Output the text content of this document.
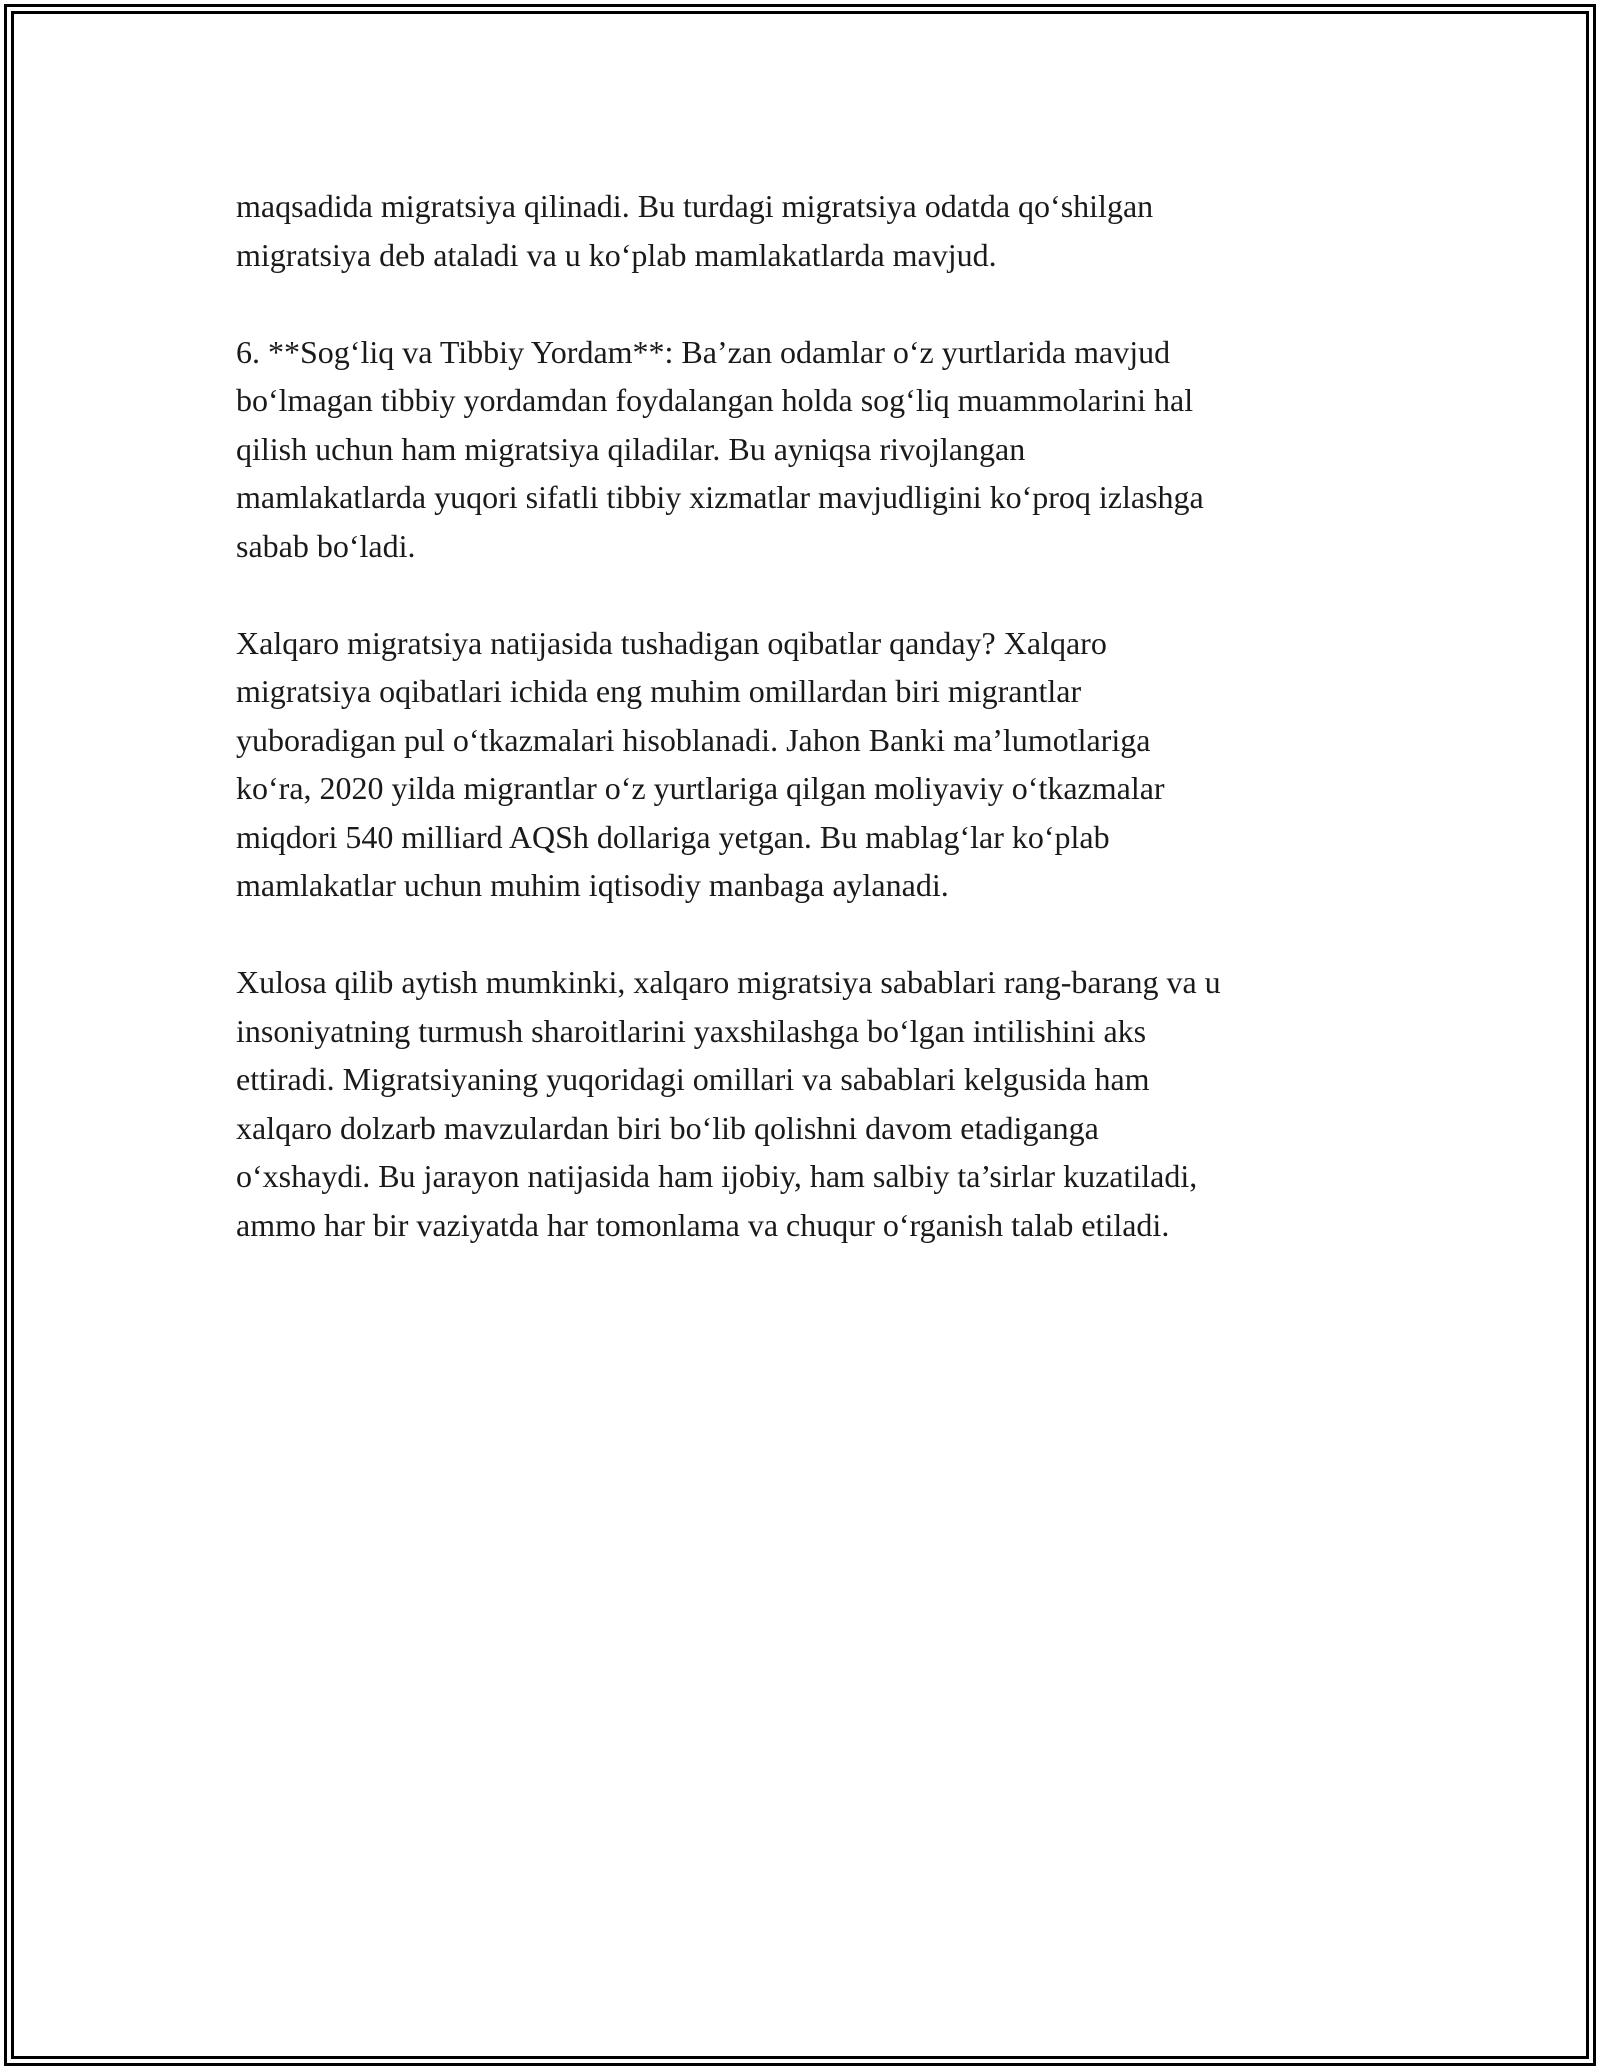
maqsadida migratsiya qilinadi. Bu turdagi migratsiya odatda qo‘shilgan
migratsiya deb ataladi va u ko‘plab mamlakatlarda mavjud.

6. **Sog‘liq va Tibbiy Yordam**: Ba’zan odamlar o‘z yurtlarida mavjud
bo‘lmagan tibbiy yordamdan foydalangan holda sog‘liq muammolarini hal
qilish uchun ham migratsiya qiladilar. Bu ayniqsa rivojlangan
mamlakatlarda yuqori sifatli tibbiy xizmatlar mavjudligini ko‘proq izlashga
sabab bo‘ladi.

Xalqaro migratsiya natijasida tushadigan oqibatlar qanday? Xalqaro
migratsiya oqibatlari ichida eng muhim omillardan biri migrantlar
yuboradigan pul o‘tkazmalari hisoblanadi. Jahon Banki ma’lumotlariga
ko‘ra, 2020 yilda migrantlar o‘z yurtlariga qilgan moliyaviy o‘tkazmalar
miqdori 540 milliard AQSh dollariga yetgan. Bu mablag‘lar ko‘plab
mamlakatlar uchun muhim iqtisodiy manbaga aylanadi.

Xulosa qilib aytish mumkinki, xalqaro migratsiya sabablari rang-barang va u
insoniyatning turmush sharoitlarini yaxshilashga bo‘lgan intilishini aks
ettiradi. Migratsiyaning yuqoridagi omillari va sabablari kelgusida ham
xalqaro dolzarb mavzulardan biri bo‘lib qolishni davom etadiganga
o‘xshaydi. Bu jarayon natijasida ham ijobiy, ham salbiy ta’sirlar kuzatiladi,
ammo har bir vaziyatda har tomonlama va chuqur o‘rganish talab etiladi.
